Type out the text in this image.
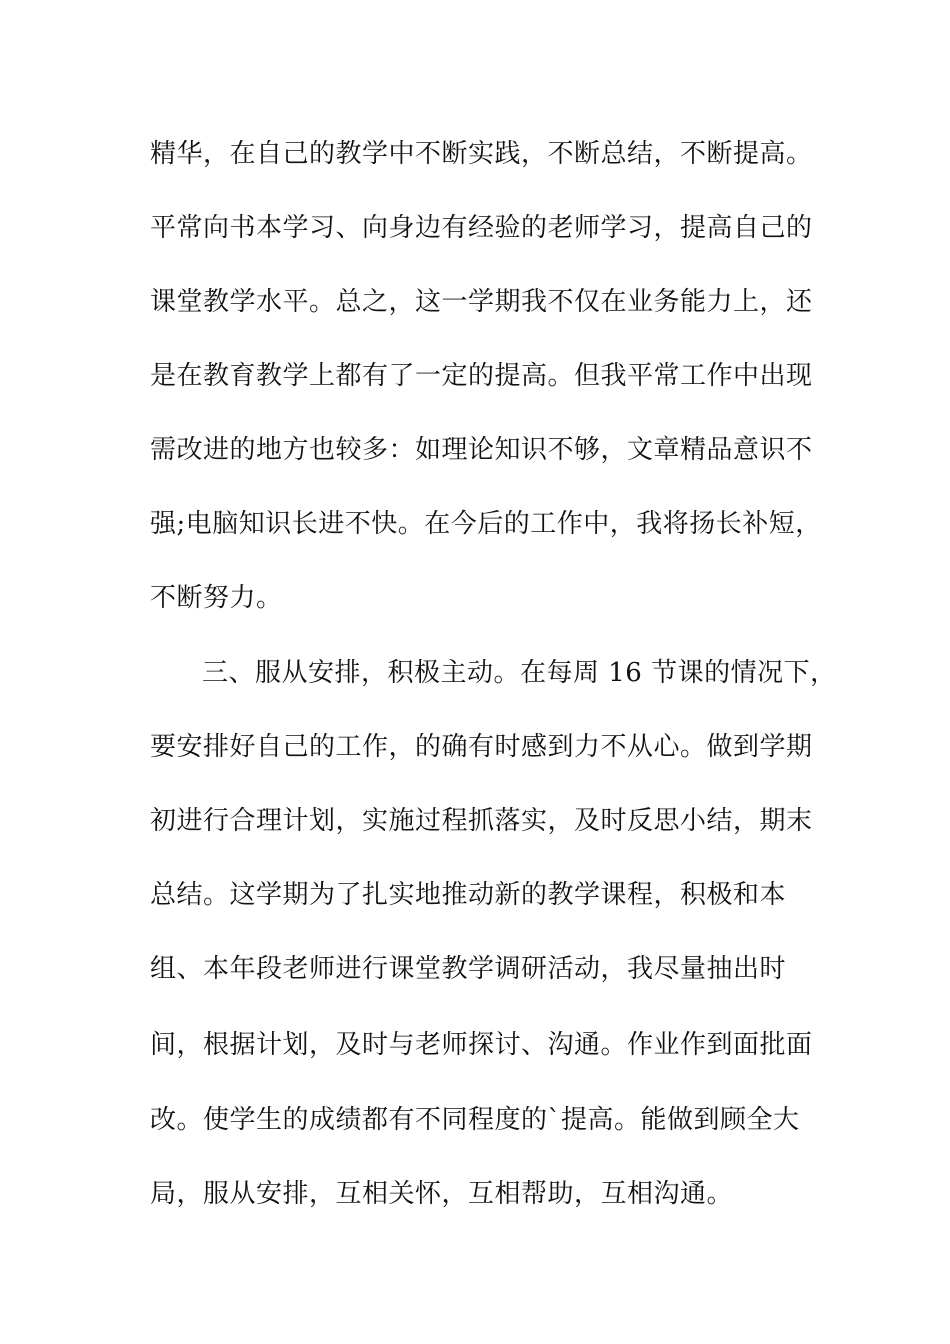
精华，在自己的教学中不断实践，不断总结，不断提高。
平常向书本学习、向身边有经验的老师学习，提高自己的
课堂教学水平。总之，这一学期我不仅在业务能力上，还
是在教育教学上都有了一定的提高。但我平常工作中出现
需改进的地方也较多：如理论知识不够，文章精品意识不
强;电脑知识长进不快。在今后的工作中，我将扬长补短，
不断努力。
三、服从安排，积极主动。在每周 16 节课的情况下，
要安排好自己的工作，的确有时感到力不从心。做到学期
初进行合理计划，实施过程抓落实，及时反思小结，期末
总结。这学期为了扎实地推动新的教学课程，积极和本
组、本年段老师进行课堂教学调研活动，我尽量抽出时
间，根据计划，及时与老师探讨、沟通。作业作到面批面
改。使学生的成绩都有不同程度的`提高。能做到顾全大
局，服从安排，互相关怀，互相帮助，互相沟通。
